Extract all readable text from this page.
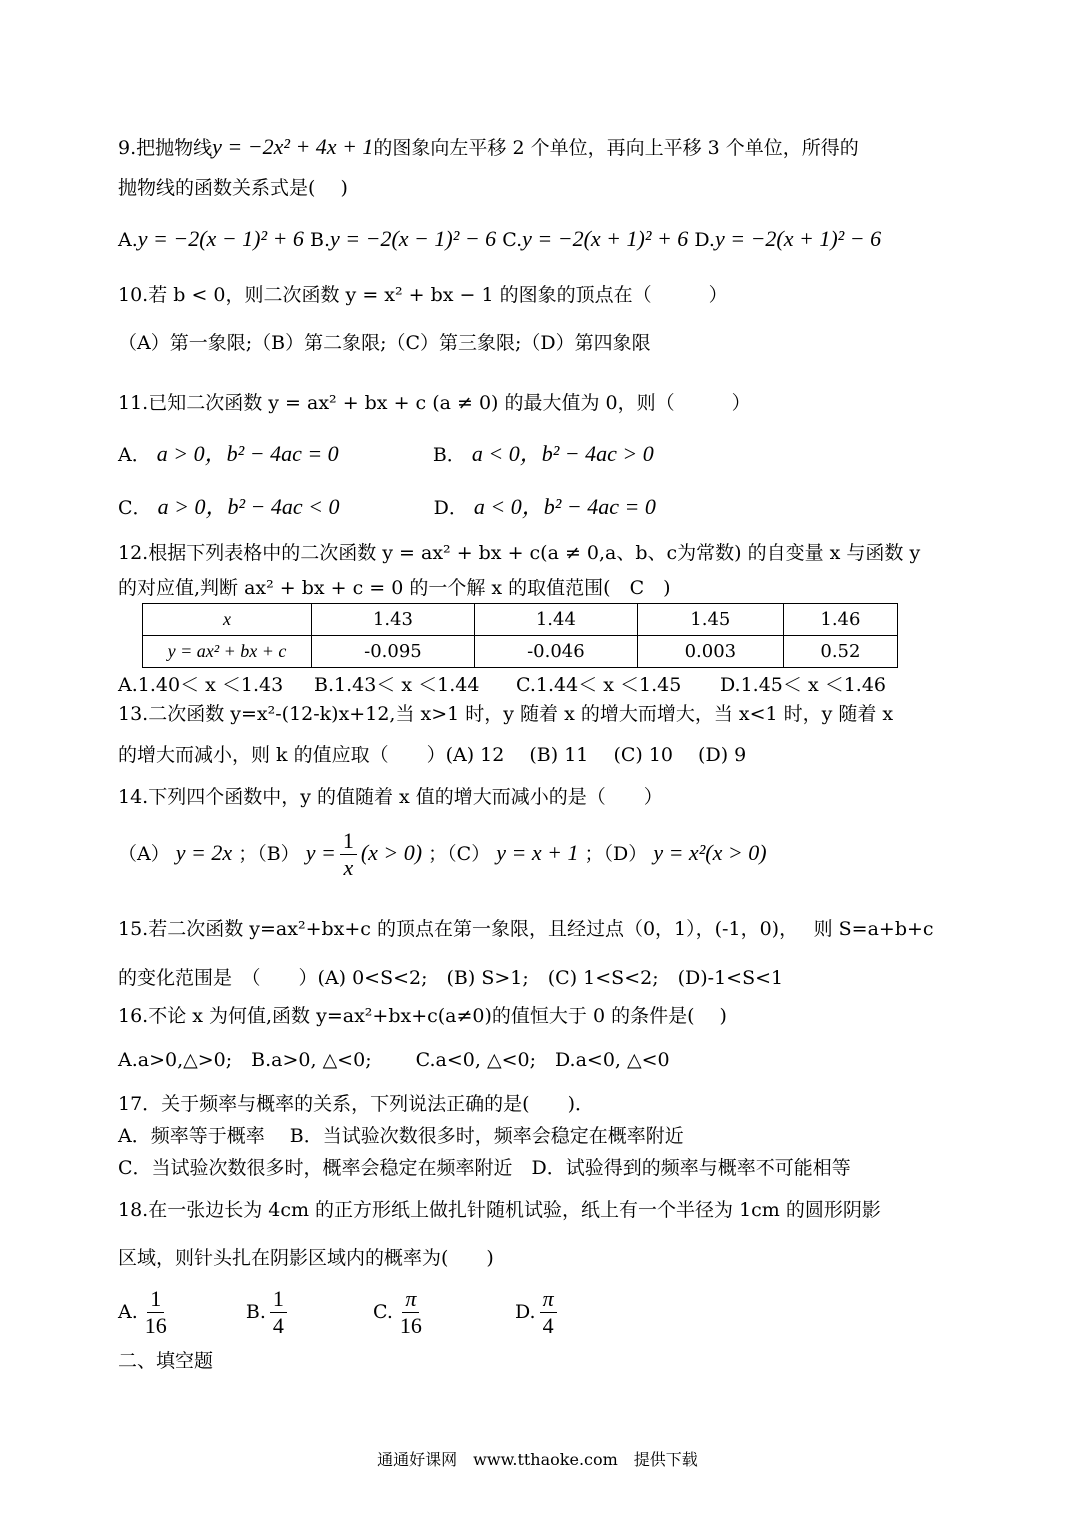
9.把抛物线y = −2x² + 4x + 1的图象向左平移 2 个单位，再向上平移 3 个单位，所得的
抛物线的函数关系式是(　 )
A.y = −2(x − 1)² + 6 B.y = −2(x − 1)² − 6 C.y = −2(x + 1)² + 6 D.y = −2(x + 1)² − 6
10.若 b < 0，则二次函数 y = x² + bx − 1 的图象的顶点在（　　　）
（A）第一象限;（B）第二象限;（C）第三象限;（D）第四象限
11.已知二次函数 y = ax² + bx + c (a ≠ 0) 的最大值为 0，则（　　　）
A． a > 0，b² − 4ac = 0	B． a < 0，b² − 4ac > 0
C． a > 0，b² − 4ac < 0	D． a < 0，b² − 4ac = 0
12.根据下列表格中的二次函数 y = ax² + bx + c(a ≠ 0,a、b、c为常数) 的自变量 x 与函数 y
的对应值,判断 ax² + bx + c = 0 的一个解 x 的取值范围(　C　)
x	1.43	1.44	1.45	1.46
y = ax² + bx + c	-0.095	-0.046	0.003	0.52
A.1.40＜ x ＜1.43 B.1.43＜ x ＜1.44 C.1.44＜ x ＜1.45 D.1.45＜ x ＜1.46
13.二次函数 y=x²-(12-k)x+12,当 x>1 时，y 随着 x 的增大而增大，当 x<1 时，y 随着 x
的增大而减小，则 k 的值应取（　　）(A) 12　 (B) 11　 (C) 10　 (D) 9
14.下列四个函数中，y 的值随着 x 值的增大而减小的是（　　）
（A） y = 2x ；（B） $y = \frac{1}{x} (x > 0)$ ；（C） y = x + 1 ；（D） y = x²(x > 0)
15.若二次函数 y=ax²+bx+c 的顶点在第一象限，且经过点（0，1），(-1，0)，　 则 S=a+b+c
的变化范围是　（　　）(A) 0<S<2;　(B) S>1;　(C) 1<S<2;　(D)-1<S<1
16.不论 x 为何值,函数 y=ax²+bx+c(a≠0)的值恒大于 0 的条件是(　 )
A.a>0,△>0;　B.a>0, △<0;　　 C.a<0, △<0;　D.a<0, △<0
17．关于频率与概率的关系，下列说法正确的是(　　)．
A．频率等于概率　 B．当试验次数很多时，频率会稳定在概率附近
C．当试验次数很多时，概率会稳定在频率附近　D．试验得到的频率与概率不可能相等
18.在一张边长为 4cm 的正方形纸上做扎针随机试验，纸上有一个半径为 1cm 的圆形阴影
区域，则针头扎在阴影区域内的概率为(　　)
A. $\frac{1}{16}$	B. $\frac{1}{4}$	C. $\frac{\pi}{16}$	D. $\frac{\pi}{4}$
二、填空题
通通好课网　www.tthaoke.com　提供下载
